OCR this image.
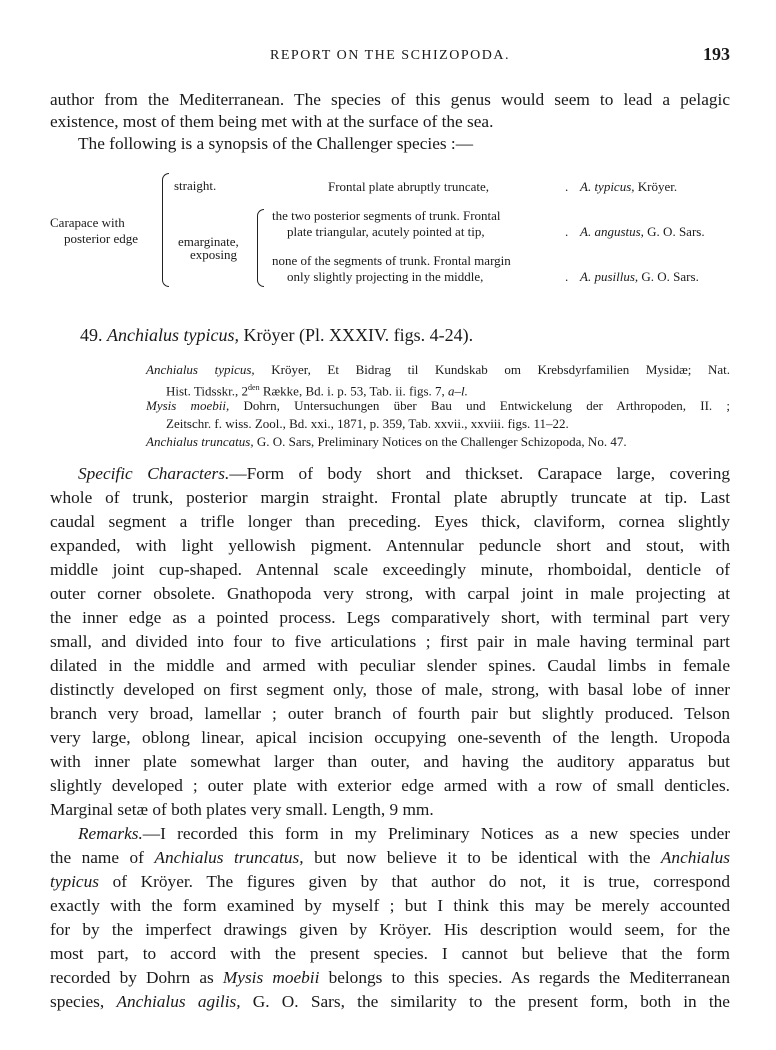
REPORT ON THE SCHIZOPODA.	193
author from the Mediterranean. The species of this genus would seem to lead a pelagic
existence, most of them being met with at the surface of the sea.
The following is a synopsis of the Challenger species :—
Carapace with
posterior edge
straight.	Frontal plate abruptly truncate,	. A. typicus, Kröyer.
emarginate,
exposing
the two posterior segments of trunk. Frontal
plate triangular, acutely pointed at tip,	. A. angustus, G. O. Sars.
none of the segments of trunk. Frontal margin
only slightly projecting in the middle,	. A. pusillus, G. O. Sars.
49. Anchialus typicus, Kröyer (Pl. XXXIV. figs. 4-24).
Anchialus typicus, Kröyer, Et Bidrag til Kundskab om Krebsdyrfamilien Mysidæ; Nat.
Hist. Tidsskr., $2^{den}$ Række, Bd. i. p. 53, Tab. ii. figs. 7, a–l.
Mysis moebii, Dohrn, Untersuchungen über Bau und Entwickelung der Arthropoden, II. ;
Zeitschr. f. wiss. Zool., Bd. xxi., 1871, p. 359, Tab. xxvii., xxviii. figs. 11–22.
Anchialus truncatus, G. O. Sars, Preliminary Notices on the Challenger Schizopoda, No. 47.
Specific Characters.—Form of body short and thickset. Carapace large, covering
whole of trunk, posterior margin straight. Frontal plate abruptly truncate at tip. Last
caudal segment a trifle longer than preceding. Eyes thick, claviform, cornea slightly
expanded, with light yellowish pigment. Antennular peduncle short and stout, with
middle joint cup-shaped. Antennal scale exceedingly minute, rhomboidal, denticle of
outer corner obsolete. Gnathopoda very strong, with carpal joint in male projecting at
the inner edge as a pointed process. Legs comparatively short, with terminal part very
small, and divided into four to five articulations ; first pair in male having terminal part
dilated in the middle and armed with peculiar slender spines. Caudal limbs in female
distinctly developed on first segment only, those of male, strong, with basal lobe of inner
branch very broad, lamellar ; outer branch of fourth pair but slightly produced. Telson
very large, oblong linear, apical incision occupying one-seventh of the length. Uropoda
with inner plate somewhat larger than outer, and having the auditory apparatus but
slightly developed ; outer plate with exterior edge armed with a row of small denticles.
Marginal setæ of both plates very small. Length, 9 mm.
Remarks.—I recorded this form in my Preliminary Notices as a new species under
the name of Anchialus truncatus, but now believe it to be identical with the Anchialus
typicus of Kröyer. The figures given by that author do not, it is true, correspond
exactly with the form examined by myself ; but I think this may be merely accounted
for by the imperfect drawings given by Kröyer. His description would seem, for the
most part, to accord with the present species. I cannot but believe that the form
recorded by Dohrn as Mysis moebii belongs to this species. As regards the Mediterranean
species, Anchialus agilis, G. O. Sars, the similarity to the present form, both in the
